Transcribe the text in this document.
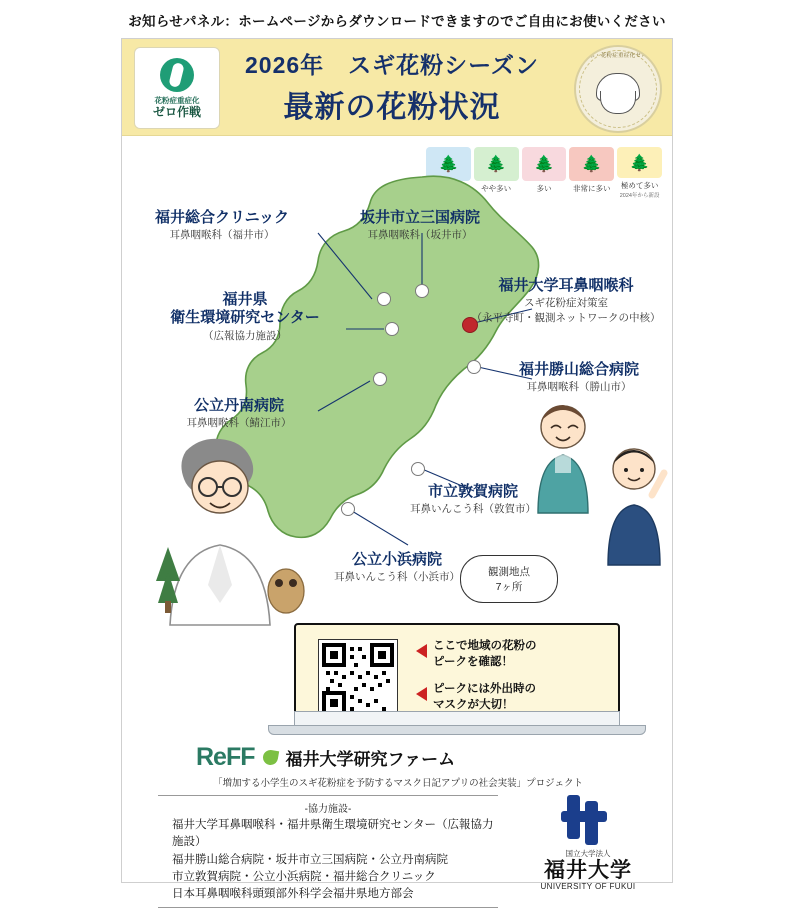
お知らせパネル：ホームページからダウンロードできますのでご自由にお使いください
花粉症重症化
ゼロ作戦
2026年　スギ花粉シーズン
最新の花粉状況
福井県・花粉症重症化ゼロ作戦
🌲	🌲
やや多い
🌲
多い
🌲
非常に多い
🌲
極めて多い
2024年から新設
福井総合クリニック
耳鼻咽喉科（福井市）
坂井市立三国病院
耳鼻咽喉科（坂井市）
福井県
衛生環境研究センター
（広報協力施設）
福井大学耳鼻咽喉科
スギ花粉症対策室
（永平寺町・観測ネットワークの中核）
福井勝山総合病院
耳鼻咽喉科（勝山市）
公立丹南病院
耳鼻咽喉科（鯖江市）
市立敦賀病院
耳鼻いんこう科（敦賀市）
公立小浜病院
耳鼻いんこう科（小浜市）	観測地点
7ヶ所
ここで地域の花粉の
ピークを確認！
ピークには外出時の
マスクが大切！
ReFF 福井大学研究ファーム
「増加する小学生のスギ花粉症を予防するマスク日記アプリの社会実装」プロジェクト
-協力施設-
福井大学耳鼻咽喉科・福井県衛生環境研究センター（広報協力施設）
福井勝山総合病院・坂井市立三国病院・公立丹南病院
市立敦賀病院・公立小浜病院・福井総合クリニック
日本耳鼻咽喉科頭頸部外科学会福井県地方部会
国立大学法人
福井大学
UNIVERSITY OF FUKUI
